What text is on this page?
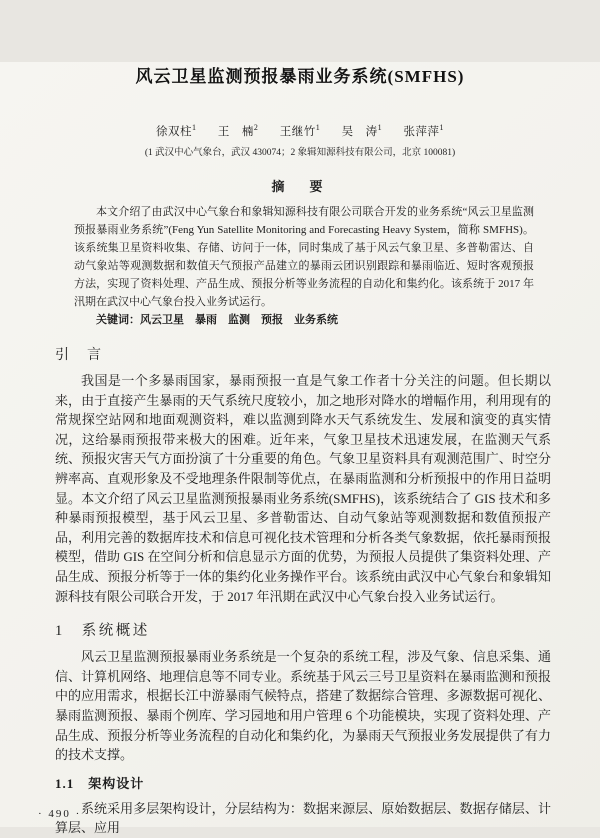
风云卫星监测预报暴雨业务系统(SMFHS)
徐双柱$^1$ 王　楠$^2$ 王继竹$^1$ 吴　涛$^1$ 张萍萍$^1$
(1 武汉中心气象台，武汉 430074；2 象辑知源科技有限公司，北京 100081)
摘　要

本文介绍了由武汉中心气象台和象辑知源科技有限公司联合开发的业务系统“风云卫星监测预报暴雨业务系统”(Feng Yun Satellite Monitoring and Forecasting Heavy System，简称 SMFHS)。该系统集卫星资料收集、存储、访问于一体，同时集成了基于风云气象卫星、多普勒雷达、自动气象站等观测数据和数值天气预报产品建立的暴雨云团识别跟踪和暴雨临近、短时客观预报方法，实现了资料处理、产品生成、预报分析等业务流程的自动化和集约化。该系统于 2017 年汛期在武汉中心气象台投入业务试运行。

关键词：风云卫星　暴雨　监测　预报　业务系统
引　言

我国是一个多暴雨国家，暴雨预报一直是气象工作者十分关注的问题。但长期以来，由于直接产生暴雨的天气系统尺度较小，加之地形对降水的增幅作用，利用现有的常规探空站网和地面观测资料，难以监测到降水天气系统发生、发展和演变的真实情况，这给暴雨预报带来极大的困难。近年来，气象卫星技术迅速发展，在监测天气系统、预报灾害天气方面扮演了十分重要的角色。气象卫星资料具有观测范围广、时空分辨率高、直观形象及不受地理条件限制等优点，在暴雨监测和分析预报中的作用日益明显。本文介绍了风云卫星监测预报暴雨业务系统(SMFHS)，该系统结合了 GIS 技术和多种暴雨预报模型，基于风云卫星、多普勒雷达、自动气象站等观测数据和数值预报产品，利用完善的数据库技术和信息可视化技术管理和分析各类气象数据，依托暴雨预报模型，借助 GIS 在空间分析和信息显示方面的优势，为预报人员提供了集资料处理、产品生成、预报分析等于一体的集约化业务操作平台。该系统由武汉中心气象台和象辑知源科技有限公司联合开发，于 2017 年汛期在武汉中心气象台投入业务试运行。

1　系统概述

风云卫星监测预报暴雨业务系统是一个复杂的系统工程，涉及气象、信息采集、通信、计算机网络、地理信息等不同专业。系统基于风云三号卫星资料在暴雨监测和预报中的应用需求，根据长江中游暴雨气候特点，搭建了数据综合管理、多源数据可视化、暴雨监测预报、暴雨个例库、学习园地和用户管理 6 个功能模块，实现了资料处理、产品生成、预报分析等业务流程的自动化和集约化，为暴雨天气预报业务发展提供了有力的技术支撑。

1.1　架构设计

系统采用多层架构设计，分层结构为：数据来源层、原始数据层、数据存储层、计算层、应用

· 490 ·
